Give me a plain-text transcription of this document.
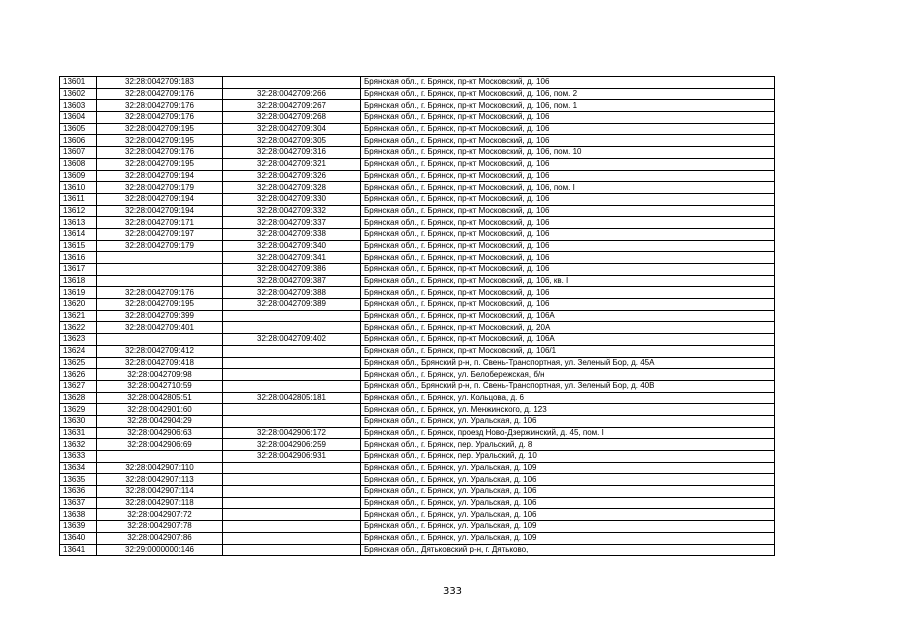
13601	32:28:0042709:183		Брянская обл., г. Брянск, пр-кт Московский, д. 106
13602	32:28:0042709:176	32:28:0042709:266	Брянская обл., г. Брянск, пр-кт Московский, д. 106, пом. 2
13603	32:28:0042709:176	32:28:0042709:267	Брянская обл., г. Брянск, пр-кт Московский, д. 106, пом. 1
13604	32:28:0042709:176	32:28:0042709:268	Брянская обл., г. Брянск, пр-кт Московский, д. 106
13605	32:28:0042709:195	32:28:0042709:304	Брянская обл., г. Брянск, пр-кт Московский, д. 106
13606	32:28:0042709:195	32:28:0042709:305	Брянская обл., г. Брянск, пр-кт Московский, д. 106
13607	32:28:0042709:176	32:28:0042709:316	Брянская обл., г. Брянск, пр-кт Московский, д. 106, пом. 10
13608	32:28:0042709:195	32:28:0042709:321	Брянская обл., г. Брянск, пр-кт Московский, д. 106
13609	32:28:0042709:194	32:28:0042709:326	Брянская обл., г. Брянск, пр-кт Московский, д. 106
13610	32:28:0042709:179	32:28:0042709:328	Брянская обл., г. Брянск, пр-кт Московский, д. 106, пом. I
13611	32:28:0042709:194	32:28:0042709:330	Брянская обл., г. Брянск, пр-кт Московский, д. 106
13612	32:28:0042709:194	32:28:0042709:332	Брянская обл., г. Брянск, пр-кт Московский, д. 106
13613	32:28:0042709:171	32:28:0042709:337	Брянская обл., г. Брянск, пр-кт Московский, д. 106
13614	32:28:0042709:197	32:28:0042709:338	Брянская обл., г. Брянск, пр-кт Московский, д. 106
13615	32:28:0042709:179	32:28:0042709:340	Брянская обл., г. Брянск, пр-кт Московский, д. 106
13616		32:28:0042709:341	Брянская обл., г. Брянск, пр-кт Московский, д. 106
13617		32:28:0042709:386	Брянская обл., г. Брянск, пр-кт Московский, д. 106
13618		32:28:0042709:387	Брянская обл., г. Брянск, пр-кт Московский, д. 106, кв. I
13619	32:28:0042709:176	32:28:0042709:388	Брянская обл., г. Брянск, пр-кт Московский, д. 106
13620	32:28:0042709:195	32:28:0042709:389	Брянская обл., г. Брянск, пр-кт Московский, д. 106
13621	32:28:0042709:399		Брянская обл., г. Брянск, пр-кт Московский, д. 106А
13622	32:28:0042709:401		Брянская обл., г. Брянск, пр-кт Московский, д. 20А
13623		32:28:0042709:402	Брянская обл., г. Брянск, пр-кт Московский, д. 106А
13624	32:28:0042709:412		Брянская обл., г. Брянск, пр-кт Московский, д. 106/1
13625	32:28:0042709:418		Брянская обл., Брянский р-н, п. Свень-Транспортная, ул. Зеленый Бор, д. 45А
13626	32:28:0042709:98		Брянская обл., г. Брянск, ул. Белобережская, б/н
13627	32:28:0042710:59		Брянская обл., Брянский р-н, п. Свень-Транспортная, ул. Зеленый Бор, д. 40В
13628	32:28:0042805:51	32:28:0042805:181	Брянская обл., г. Брянск, ул. Кольцова, д. 6
13629	32:28:0042901:60		Брянская обл., г. Брянск, ул. Менжинского, д. 123
13630	32:28:0042904:29		Брянская обл., г. Брянск, ул. Уральская, д. 106
13631	32:28:0042906:63	32:28:0042906:172	Брянская обл., г. Брянск, проезд Ново-Дзержинский, д. 45, пом. I
13632	32:28:0042906:69	32:28:0042906:259	Брянская обл., г. Брянск, пер. Уральский, д. 8
13633		32:28:0042906:931	Брянская обл., г. Брянск, пер. Уральский, д. 10
13634	32:28:0042907:110		Брянская обл., г. Брянск, ул. Уральская, д. 109
13635	32:28:0042907:113		Брянская обл., г. Брянск, ул. Уральская, д. 106
13636	32:28:0042907:114		Брянская обл., г. Брянск, ул. Уральская, д. 106
13637	32:28:0042907:118		Брянская обл., г. Брянск, ул. Уральская, д. 106
13638	32:28:0042907:72		Брянская обл., г. Брянск, ул. Уральская, д. 106
13639	32:28:0042907:78		Брянская обл., г. Брянск, ул. Уральская, д. 109
13640	32:28:0042907:86		Брянская обл., г. Брянск, ул. Уральская, д. 109
13641	32:29:0000000:146		Брянская обл., Дятьковский р-н, г. Дятьково,
333
